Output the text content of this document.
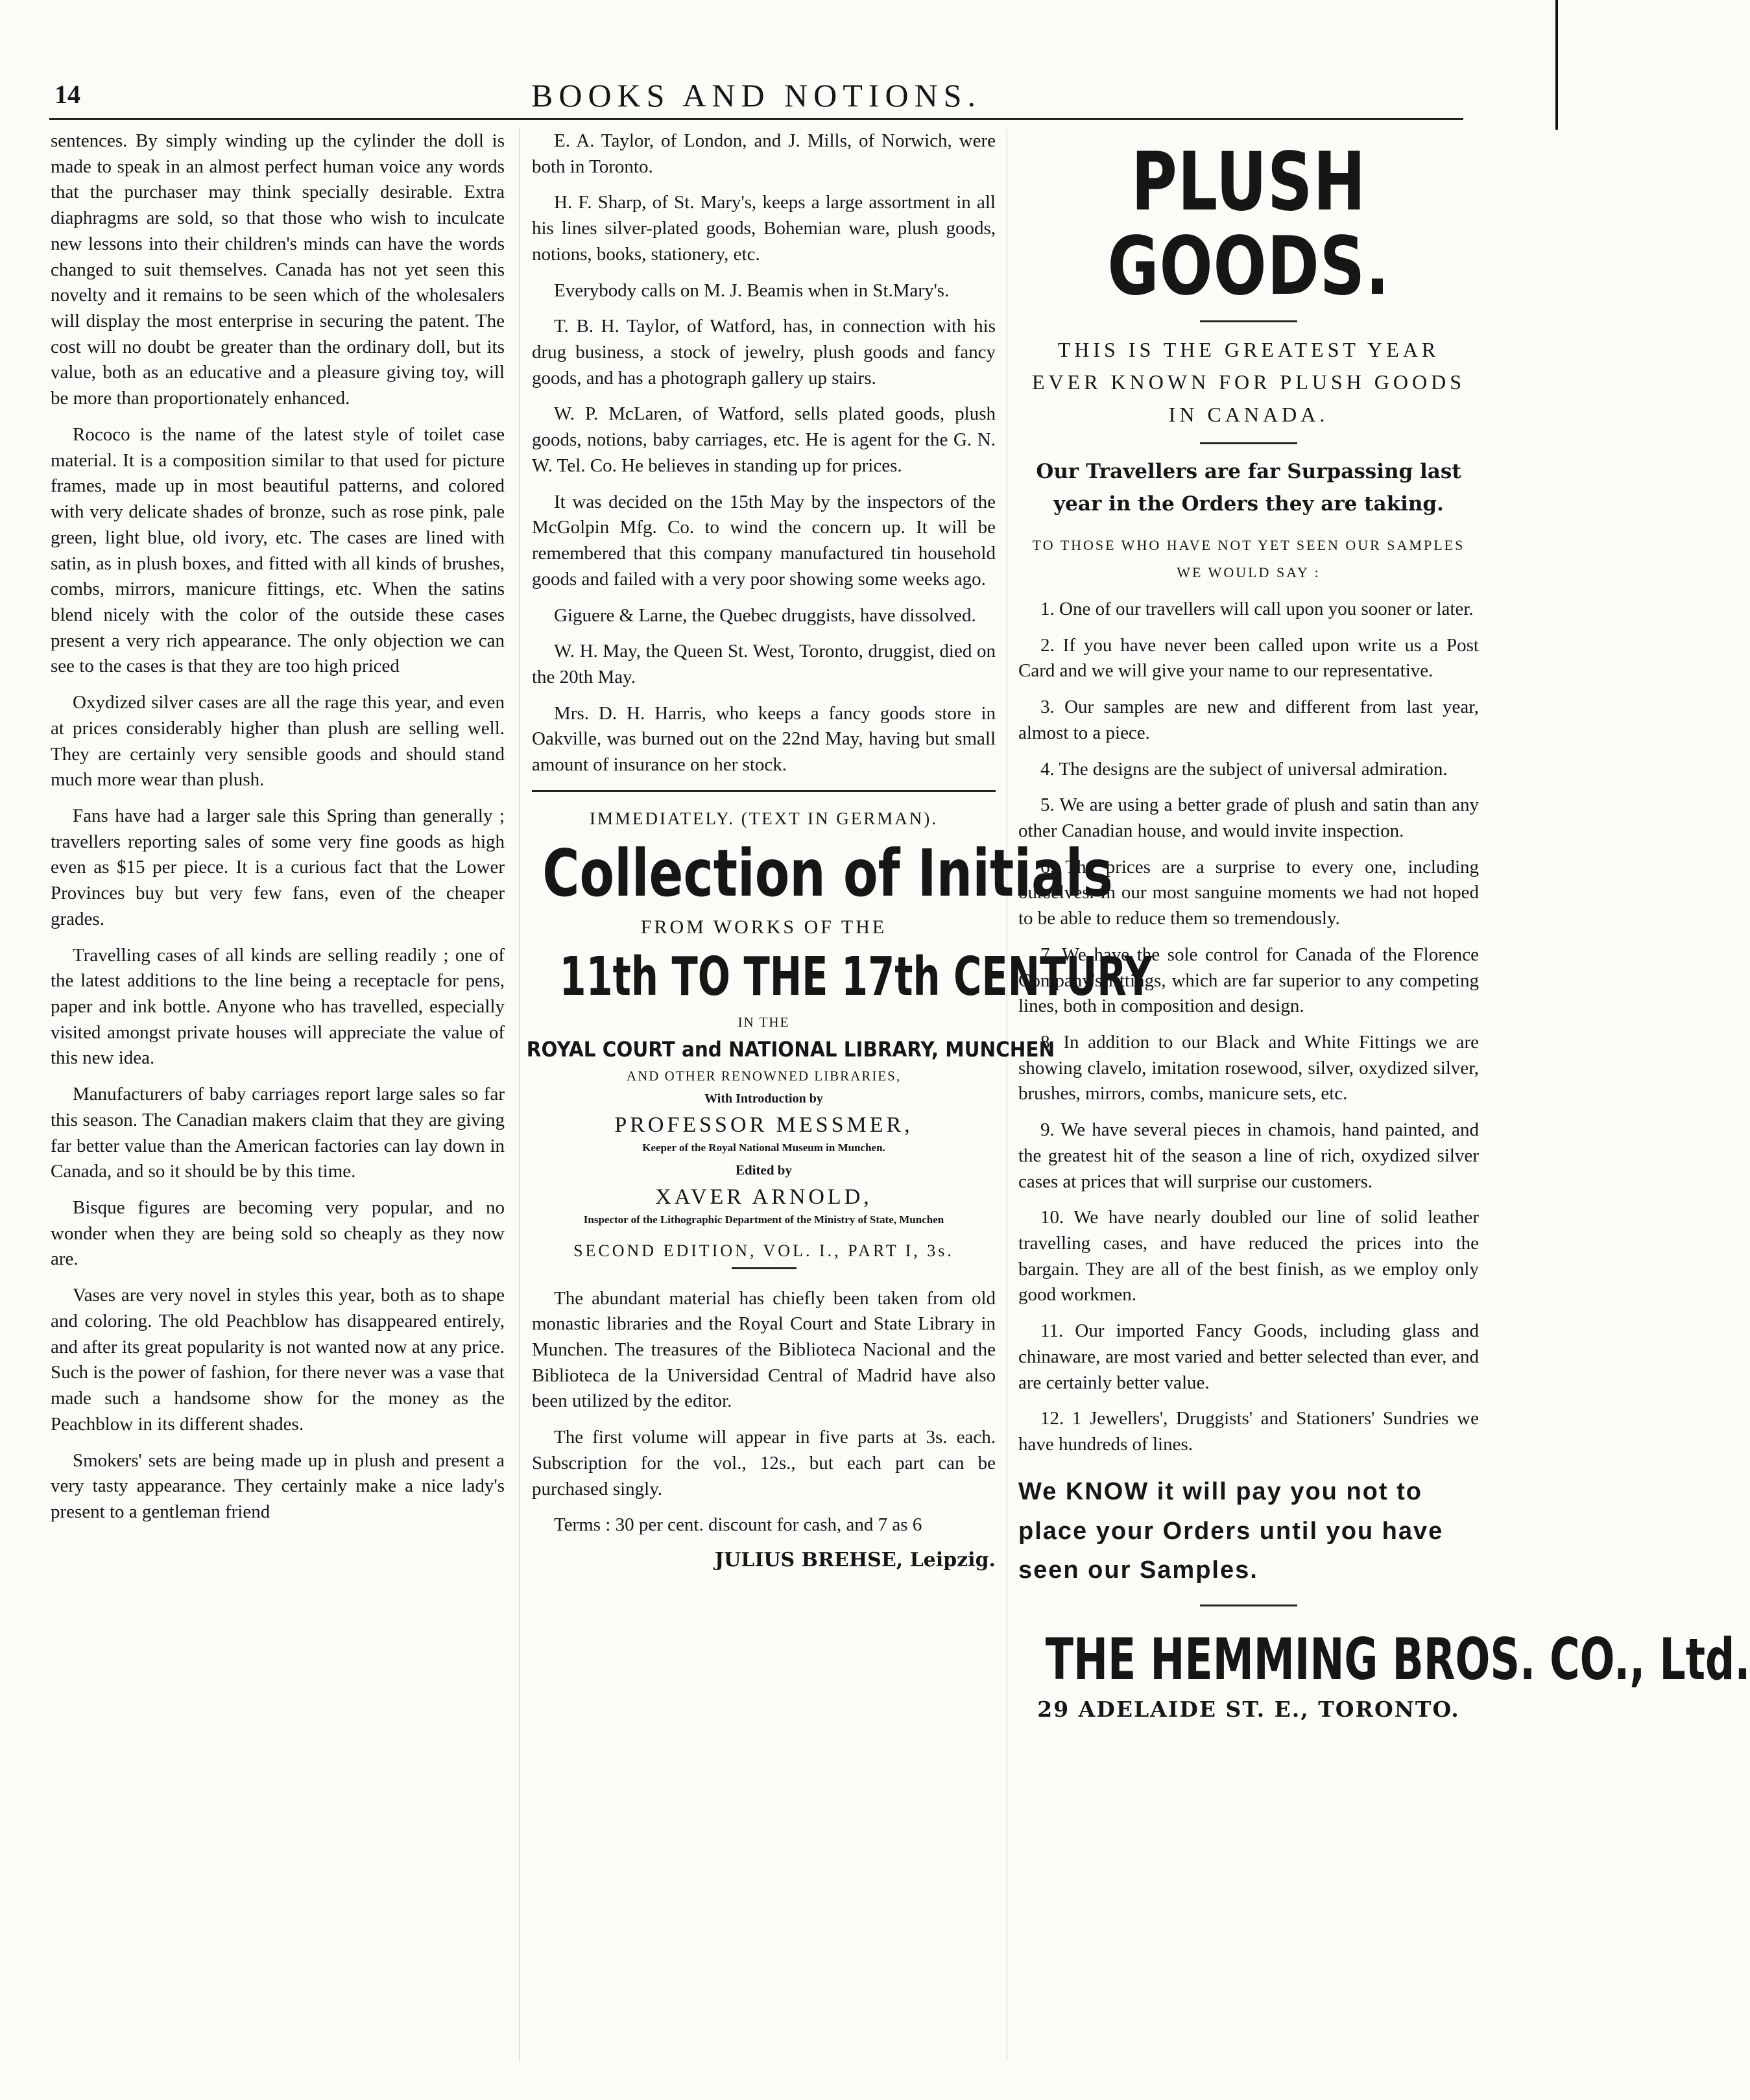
14	BOOKS AND NOTIONS.

sentences. By simply winding up the cylinder the doll is made to speak in an almost perfect human voice any words that the purchaser may think specially desirable. Extra diaphragms are sold, so that those who wish to inculcate new lessons into their children's minds can have the words changed to suit themselves. Canada has not yet seen this novelty and it remains to be seen which of the wholesalers will display the most enterprise in securing the patent. The cost will no doubt be greater than the ordinary doll, but its value, both as an educative and a pleasure giving toy, will be more than proportionately enhanced.

Rococo is the name of the latest style of toilet case material. It is a composition similar to that used for picture frames, made up in most beautiful patterns, and colored with very delicate shades of bronze, such as rose pink, pale green, light blue, old ivory, etc. The cases are lined with satin, as in plush boxes, and fitted with all kinds of brushes, combs, mirrors, manicure fittings, etc. When the satins blend nicely with the color of the outside these cases present a very rich appearance. The only objection we can see to the cases is that they are too high priced

Oxydized silver cases are all the rage this year, and even at prices considerably higher than plush are selling well. They are certainly very sensible goods and should stand much more wear than plush.

Fans have had a larger sale this Spring than generally ; travellers reporting sales of some very fine goods as high even as $15 per piece. It is a curious fact that the Lower Provinces buy but very few fans, even of the cheaper grades.

Travelling cases of all kinds are selling readily ; one of the latest additions to the line being a receptacle for pens, paper and ink bottle. Anyone who has travelled, especially visited amongst private houses will appreciate the value of this new idea.

Manufacturers of baby carriages report large sales so far this season. The Canadian makers claim that they are giving far better value than the American factories can lay down in Canada, and so it should be by this time.

Bisque figures are becoming very popular, and no wonder when they are being sold so cheaply as they now are.

Vases are very novel in styles this year, both as to shape and coloring. The old Peachblow has disappeared entirely, and after its great popularity is not wanted now at any price. Such is the power of fashion, for there never was a vase that made such a handsome show for the money as the Peachblow in its different shades.

Smokers' sets are being made up in plush and present a very tasty appearance. They certainly make a nice lady's present to a gentleman friend

E. A. Taylor, of London, and J. Mills, of Norwich, were both in Toronto.

H. F. Sharp, of St. Mary's, keeps a large assortment in all his lines silver-plated goods, Bohemian ware, plush goods, notions, books, stationery, etc.

Everybody calls on M. J. Beamis when in St.Mary's.

T. B. H. Taylor, of Watford, has, in connection with his drug business, a stock of jewelry, plush goods and fancy goods, and has a photograph gallery up stairs.

W. P. McLaren, of Watford, sells plated goods, plush goods, notions, baby carriages, etc. He is agent for the G. N. W. Tel. Co. He believes in standing up for prices.

It was decided on the 15th May by the inspectors of the McGolpin Mfg. Co. to wind the concern up. It will be remembered that this company manufactured tin household goods and failed with a very poor showing some weeks ago.

Giguere & Larne, the Quebec druggists, have dissolved.

W. H. May, the Queen St. West, Toronto, druggist, died on the 20th May.

Mrs. D. H. Harris, who keeps a fancy goods store in Oakville, was burned out on the 22nd May, having but small amount of insurance on her stock.

IMMEDIATELY. (TEXT IN GERMAN).
Collection of Initials
FROM WORKS OF THE
11th TO THE 17th CENTURY
IN THE
ROYAL COURT and NATIONAL LIBRARY, MUNCHEN
AND OTHER RENOWNED LIBRARIES,
With Introduction by
PROFESSOR MESSMER,
Keeper of the Royal National Museum in Munchen.
Edited by
XAVER ARNOLD,
Inspector of the Lithographic Department of the Ministry of State, Munchen
SECOND EDITION, VOL. I., PART I, 3s.

The abundant material has chiefly been taken from old monastic libraries and the Royal Court and State Library in Munchen. The treasures of the Biblioteca Nacional and the Biblioteca de la Universidad Central of Madrid have also been utilized by the editor.

The first volume will appear in five parts at 3s. each. Subscription for the vol., 12s., but each part can be purchased singly.

Terms : 30 per cent. discount for cash, and 7 as 6

JULIUS BREHSE, Leipzig.
PLUSH GOODS.
THIS IS THE GREATEST YEAR EVER KNOWN FOR PLUSH GOODS IN CANADA.
Our Travellers are far Surpassing last year in the Orders they are taking.
TO THOSE WHO HAVE NOT YET SEEN OUR SAMPLES WE WOULD SAY :

1. One of our travellers will call upon you sooner or later.

2. If you have never been called upon write us a Post Card and we will give your name to our representative.

3. Our samples are new and different from last year, almost to a piece.

4. The designs are the subject of universal admiration.

5. We are using a better grade of plush and satin than any other Canadian house, and would invite inspection.

6. The prices are a surprise to every one, including ourselves. In our most sanguine moments we had not hoped to be able to reduce them so tremendously.

7. We have the sole control for Canada of the Florence Company's fittings, which are far superior to any competing lines, both in composition and design.

8. In addition to our Black and White Fittings we are showing clavelo, imitation rosewood, silver, oxydized silver, brushes, mirrors, combs, manicure sets, etc.

9. We have several pieces in chamois, hand painted, and the greatest hit of the season a line of rich, oxydized silver cases at prices that will surprise our customers.

10. We have nearly doubled our line of solid leather travelling cases, and have reduced the prices into the bargain. They are all of the best finish, as we employ only good workmen.

11. Our imported Fancy Goods, including glass and chinaware, are most varied and better selected than ever, and are certainly better value.

12. 1 Jewellers', Druggists' and Stationers' Sundries we have hundreds of lines.

We KNOW it will pay you not to place your Orders until you have seen our Samples.
THE HEMMING BROS. CO., Ltd.
29 ADELAIDE ST. E., TORONTO.
